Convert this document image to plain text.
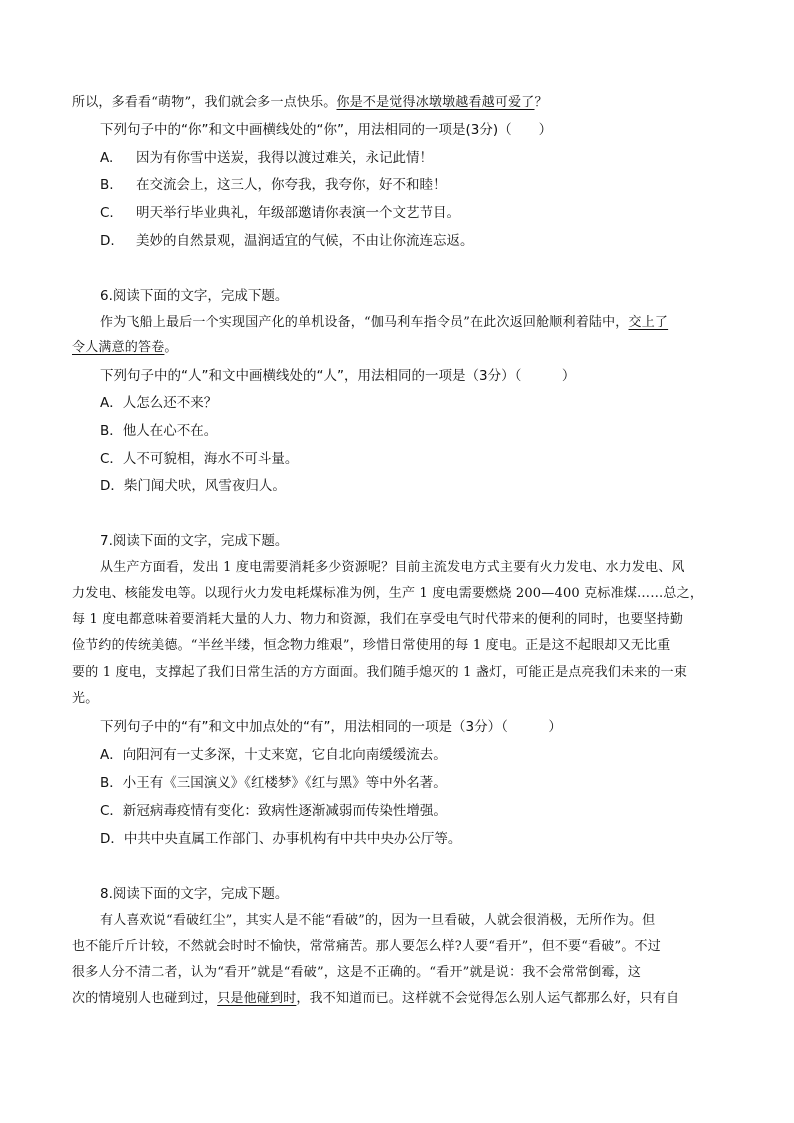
所以，多看看“萌物”，我们就会多一点快乐。你是不是觉得冰墩墩越看越可爱了？
下列句子中的“你”和文中画横线处的“你”，用法相同的一项是(3分)（　　）
A. 因为有你雪中送炭，我得以渡过难关，永记此情！
B. 在交流会上，这三人，你夸我，我夸你，好不和睦！
C. 明天举行毕业典礼，年级部邀请你表演一个文艺节目。
D. 美妙的自然景观，温润适宜的气候，不由让你流连忘返。
6.阅读下面的文字，完成下题。
作为飞船上最后一个实现国产化的单机设备，“伽马利车指令员”在此次返回舱顺利着陆中，交上了
令人满意的答卷。
下列句子中的“人”和文中画横线处的“人”，用法相同的一项是（3分）（　　　）
A．人怎么还不来？
B．他人在心不在。
C．人不可貌相，海水不可斗量。
D．柴门闻犬吠，风雪夜归人。
7.阅读下面的文字，完成下题。
从生产方面看，发出 1 度电需要消耗多少资源呢？目前主流发电方式主要有火力发电、水力发电、风
力发电、核能发电等。以现行火力发电耗煤标准为例，生产 1 度电需要燃烧 200—400 克标准煤……总之，
每 1 度电都意味着要消耗大量的人力、物力和资源，我们在享受电气时代带来的便利的同时，也要坚持勤
俭节约的传统美德。“半丝半缕，恒念物力维艰”，珍惜日常使用的每 1 度电。正是这不起眼却又无比重
要的 1 度电，支撑起了我们日常生活的方方面面。我们随手熄灭的 1 盏灯，可能正是点亮我们未来的一束
光。
下列句子中的“有”和文中加点处的“有”，用法相同的一项是（3分）（　　　）
A．向阳河有一丈多深，十丈来宽，它自北向南缓缓流去。
B．小王有《三国演义》《红楼梦》《红与黑》等中外名著。
C．新冠病毒疫情有变化：致病性逐渐减弱而传染性增强。
D．中共中央直属工作部门、办事机构有中共中央办公厅等。
8.阅读下面的文字，完成下题。
有人喜欢说“看破红尘”，其实人是不能“看破”的，因为一旦看破，人就会很消极，无所作为。但
也不能斤斤计较，不然就会时时不愉快，常常痛苦。那人要怎么样?人要“看开”，但不要“看破”。不过
很多人分不清二者，认为“看开”就是“看破”，这是不正确的。“看开”就是说：我不会常常倒霉，这
次的情境别人也碰到过，只是他碰到时，我不知道而已。这样就不会觉得怎么别人运气都那么好，只有自
